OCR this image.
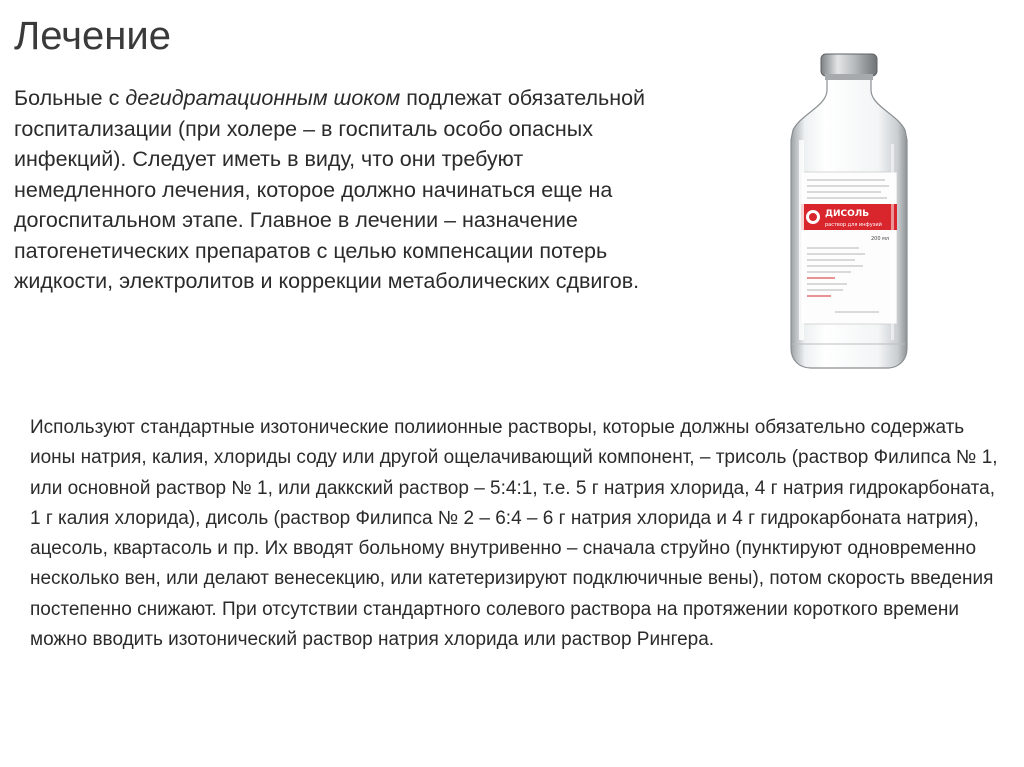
Лечение

Больные с дегидратационным шоком подлежат обязательной госпитализации (при холере – в госпиталь особо опасных инфекций). Следует иметь в виду, что они требуют немедленного лечения, которое должно начинаться еще на догоспитальном этапе. Главное в лечении – назначение патогенетических препаратов с целью компенсации потерь жидкости, электролитов и коррекции метаболических сдвигов.

ДИСОЛЬ
раствор для инфузий
200 мл

Используют стандартные изотонические полиионные растворы, которые должны обязательно содержать ионы натрия, калия, хлориды соду или другой ощелачивающий компонент, – трисоль (раствор Филипса № 1, или основной раствор № 1, или даккский раствор – 5:4:1, т.е. 5 г натрия хлорида, 4 г натрия гидрокарбоната, 1 г калия хлорида), дисоль (раствор Филипса № 2 – 6:4 – 6 г натрия хлорида и 4 г гидрокарбоната натрия), ацесоль, квартасоль и пр. Их вводят больному внутривенно – сначала струйно (пунктируют одновременно несколько вен, или делают венесекцию, или катетеризируют подключичные вены), потом скорость введения постепенно снижают. При отсутствии стандартного солевого раствора на протяжении короткого времени можно вводить изотонический раствор натрия хлорида или раствор Рингера.
